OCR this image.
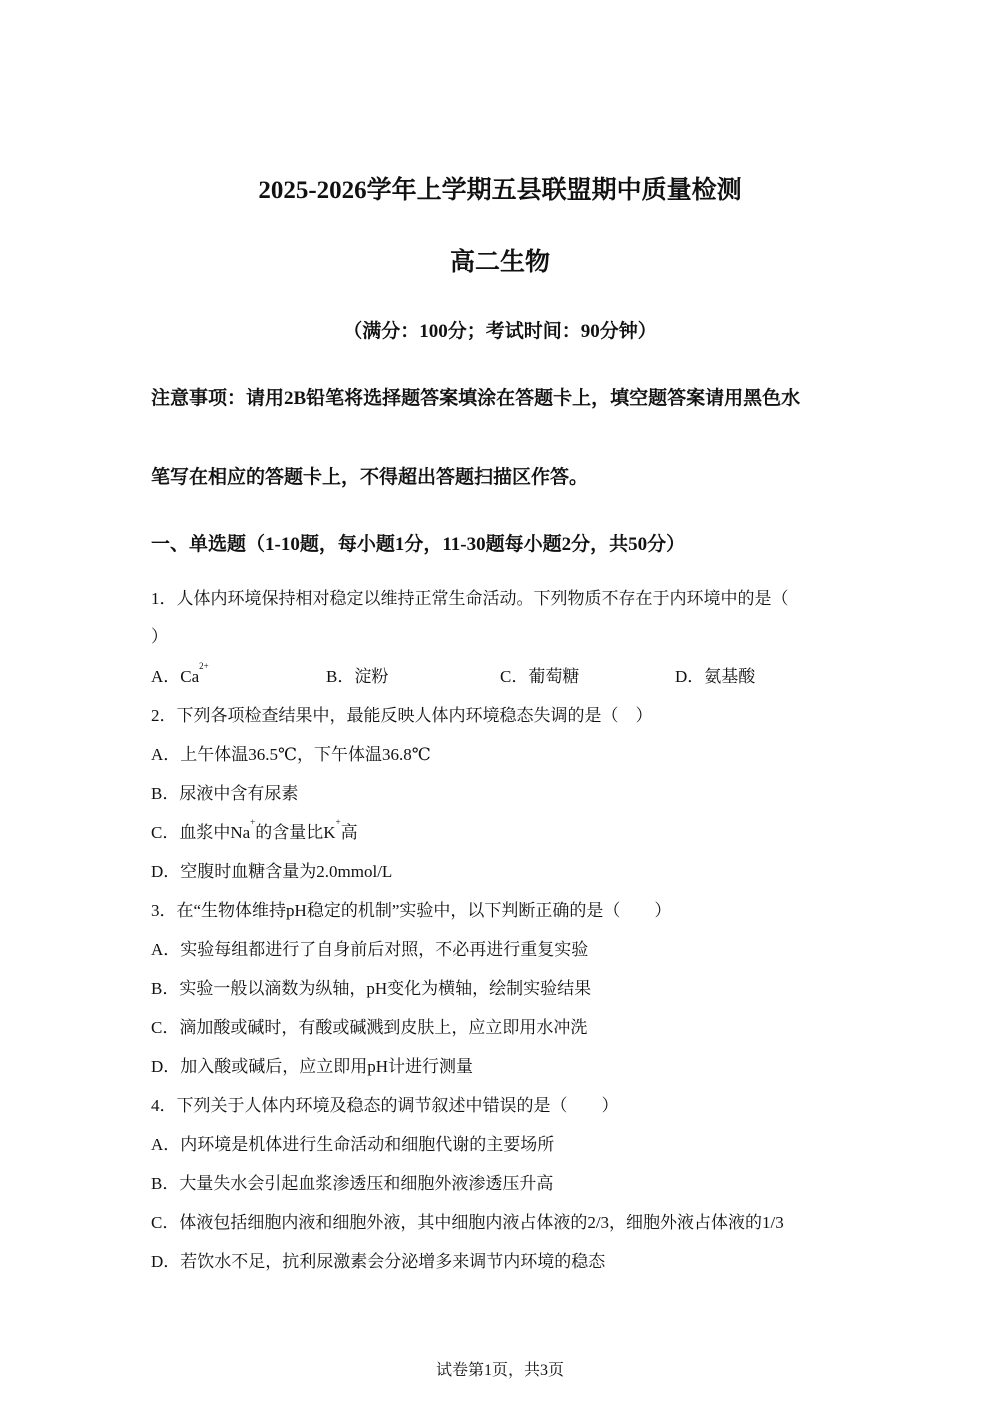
2025-2026学年上学期五县联盟期中质量检测
高二生物
（满分：100分；考试时间：90分钟）
注意事项：请用2B铅笔将选择题答案填涂在答题卡上，填空题答案请用黑色水
笔写在相应的答题卡上，不得超出答题扫描区作答。
一、单选题（1-10题，每小题1分，11-30题每小题2分，共50分）
1．人体内环境保持相对稳定以维持正常生命活动。下列物质不存在于内环境中的是（
）
A．$Ca^{2+}$
B．淀粉	C．葡萄糖	D．氨基酸
2．下列各项检查结果中，最能反映人体内环境稳态失调的是（　）
A．上午体温36.5℃，下午体温36.8℃
B．尿液中含有尿素
C．血浆中Na+的含量比K+高
D．空腹时血糖含量为2.0mmol/L
3．在“生物体维持pH稳定的机制”实验中，以下判断正确的是（　　）
A．实验每组都进行了自身前后对照，不必再进行重复实验
B．实验一般以滴数为纵轴，pH变化为横轴，绘制实验结果
C．滴加酸或碱时，有酸或碱溅到皮肤上，应立即用水冲洗
D．加入酸或碱后，应立即用pH计进行测量
4．下列关于人体内环境及稳态的调节叙述中错误的是（　　）
A．内环境是机体进行生命活动和细胞代谢的主要场所
B．大量失水会引起血浆渗透压和细胞外液渗透压升高
C．体液包括细胞内液和细胞外液，其中细胞内液占体液的2/3，细胞外液占体液的1/3
D．若饮水不足，抗利尿激素会分泌增多来调节内环境的稳态
试卷第1页，共3页
